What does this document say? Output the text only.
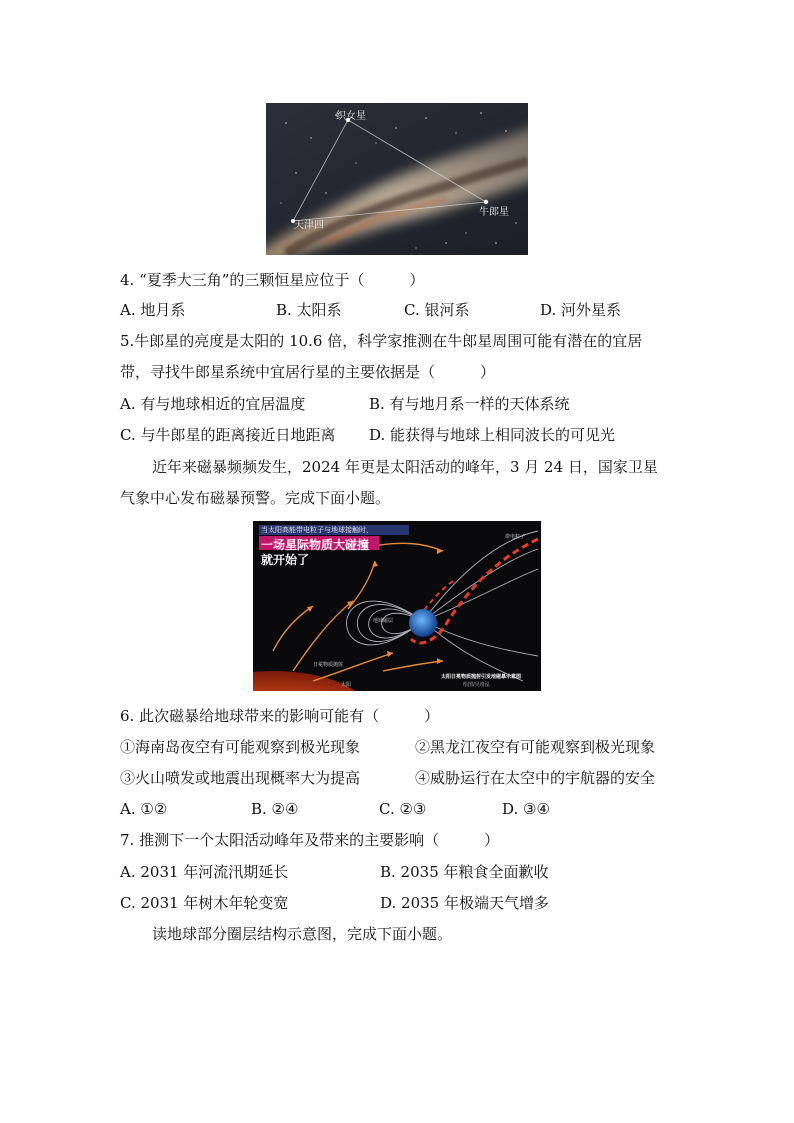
织女星
牛郎星
天津四
4. “夏季大三角”的三颗恒星应位于（　　　）
A. 地月系	B. 太阳系	C. 银河系	D. 河外星系
5.牛郎星的亮度是太阳的 10.6 倍，科学家推测在牛郎星周围可能有潜在的宜居
带，寻找牛郎星系统中宜居行星的主要依据是（　　　）
A. 有与地球相近的宜居温度	B. 有与地月系一样的天体系统
C. 与牛郎星的距离接近日地距离 D. 能获得与地球上相同波长的可见光
近年来磁暴频频发生，2024 年更是太阳活动的峰年，3 月 24 日，国家卫星
气象中心发布磁暴预警。完成下面小题。
当太阳高能带电粒子与地球接触时，
一场星际物质大碰撞
就开始了
帯电粒子
地球磁层
日冕物质抛射
太阳
太阳日冕物质抛射引发地磁暴示意图
绘图/吴靖泓
6. 此次磁暴给地球带来的影响可能有（　　　）
①海南岛夜空有可能观察到极光现象	②黑龙江夜空有可能观察到极光现象
③火山喷发或地震出现概率大为提高	④威胁运行在太空中的宇航器的安全
A. ①②	B. ②④	C. ②③	D. ③④
7. 推测下一个太阳活动峰年及带来的主要影响（　　　）
A. 2031 年河流汛期延长	B. 2035 年粮食全面歉收
C. 2031 年树木年轮变宽	D. 2035 年极端天气增多
读地球部分圈层结构示意图，完成下面小题。
